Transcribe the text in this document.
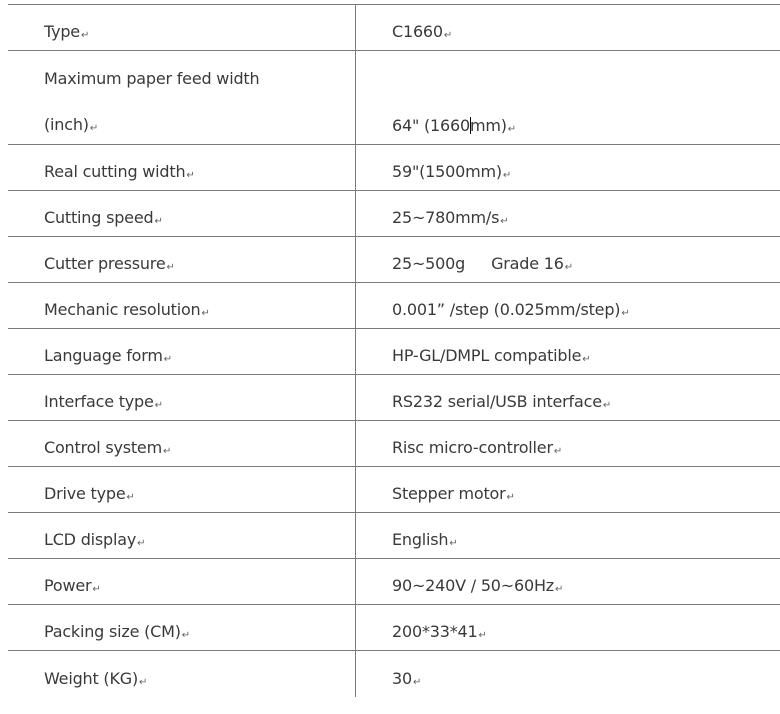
Type↵	C1660↵

Maximum paper feed width
(inch)↵	64" (1660mm)↵

Real cutting width↵	59"(1500mm)↵

Cutting speed↵	25~780mm/s↵

Cutter pressure↵	25~500g Grade 16↵

Mechanic resolution↵	0.001” /step (0.025mm/step)↵

Language form↵	HP-GL/DMPL compatible↵

Interface type↵	RS232 serial/USB interface↵

Control system↵	Risc micro-controller↵

Drive type↵	Stepper motor↵

LCD display↵	English↵

Power↵	90~240V / 50~60Hz↵

Packing size (CM)↵	200*33*41↵

Weight (KG)↵	30↵
